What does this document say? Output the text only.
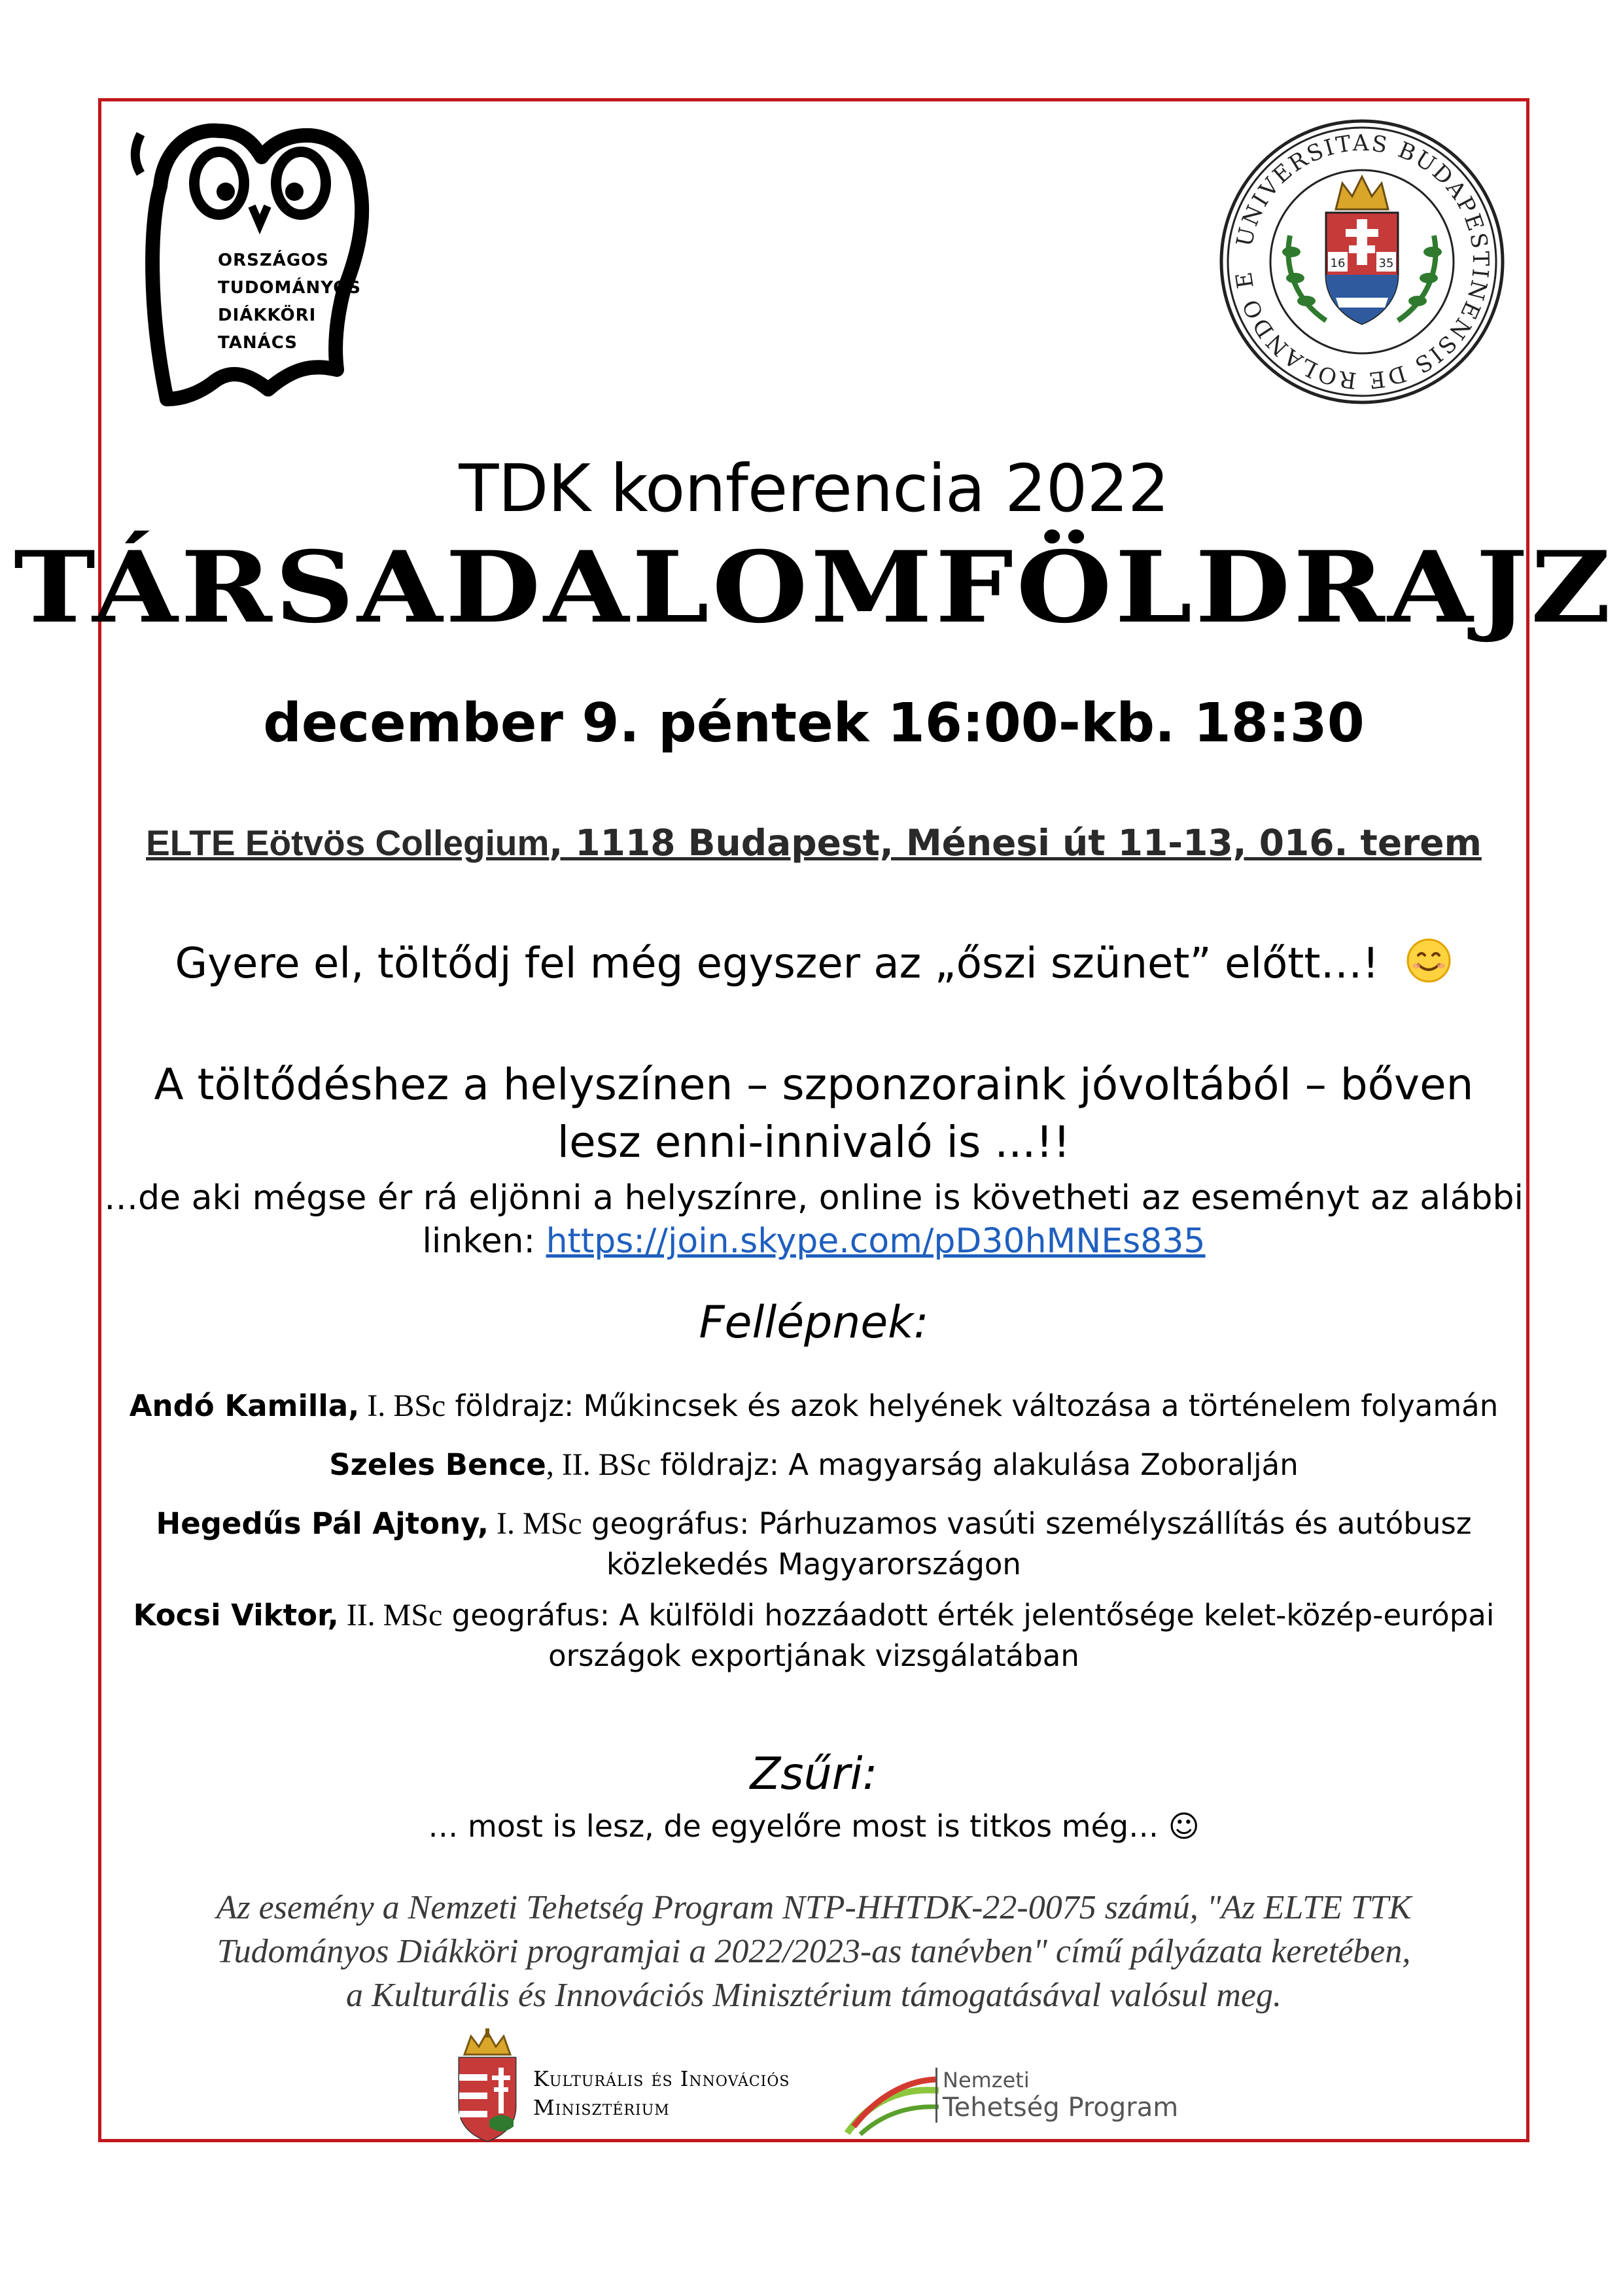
ORSZÁGOS
TUDOMÁNYOS
DIÁKKÖRI
TANÁCS
UNIVERSITAS BUDAPESTINENSIS DE ROLANDO E
16	35
TDK konferencia 2022
TÁRSADALOMFÖLDRAJZ
december 9. péntek 16:00-kb. 18:30
ELTE Eötvös Collegium, 1118 Budapest, Ménesi út 11-13, 016. terem
Gyere el, töltődj fel még egyszer az „őszi szünet” előtt…!
A töltődéshez a helyszínen – szponzoraink jóvoltából – bőven
lesz enni-innivaló is ...!!
…de aki mégse ér rá eljönni a helyszínre, online is követheti az eseményt az alábbi
linken: https://join.skype.com/pD30hMNEs835
Fellépnek:
Andó Kamilla, I. BSc földrajz: Műkincsek és azok helyének változása a történelem folyamán
Szeles Bence, II. BSc földrajz: A magyarság alakulása Zoboralján
Hegedűs Pál Ajtony, I. MSc geográfus: Párhuzamos vasúti személyszállítás és autóbusz
közlekedés Magyarországon
Kocsi Viktor, II. MSc geográfus: A külföldi hozzáadott érték jelentősége kelet-közép-európai
országok exportjának vizsgálatában
Zsűri:
… most is lesz, de egyelőre most is titkos még… ☺
Az esemény a Nemzeti Tehetség Program NTP-HHTDK-22-0075 számú, "Az ELTE TTK
Tudományos Diákköri programjai a 2022/2023-as tanévben" című pályázata keretében,
a Kulturális és Innovációs Minisztérium támogatásával valósul meg.
Kulturális és Innovációs
Minisztérium
Nemzeti
Tehetség Program
